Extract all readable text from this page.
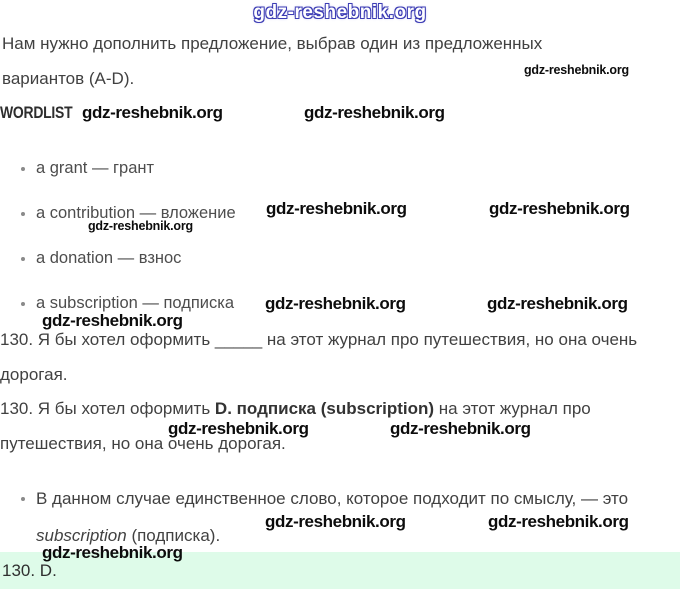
gdz-reshebnik.org
Нам нужно дополнить предложение, выбрав один из предложенных
вариантов (A-D).	gdz-reshebnik.org
WORDLIST gdz-reshebnik.org	gdz-reshebnik.org
a grant — грант
a contribution — вложение gdz-reshebnik.org	gdz-reshebnik.org
gdz-reshebnik.org
a donation — взнос
a subscription — подписка gdz-reshebnik.org	gdz-reshebnik.org
gdz-reshebnik.org
130. Я бы хотел оформить _____ на этот журнал про путешествия, но она очень
дорогая.
130. Я бы хотел оформить D. подписка (subscription) на этот журнал про
gdz-reshebnik.org	gdz-reshebnik.org
путешествия, но она очень дорогая.
В данном случае единственное слово, которое подходит по смыслу, — это
gdz-reshebnik.org	gdz-reshebnik.org
subscription (подписка).
gdz-reshebnik.org
130. D.
